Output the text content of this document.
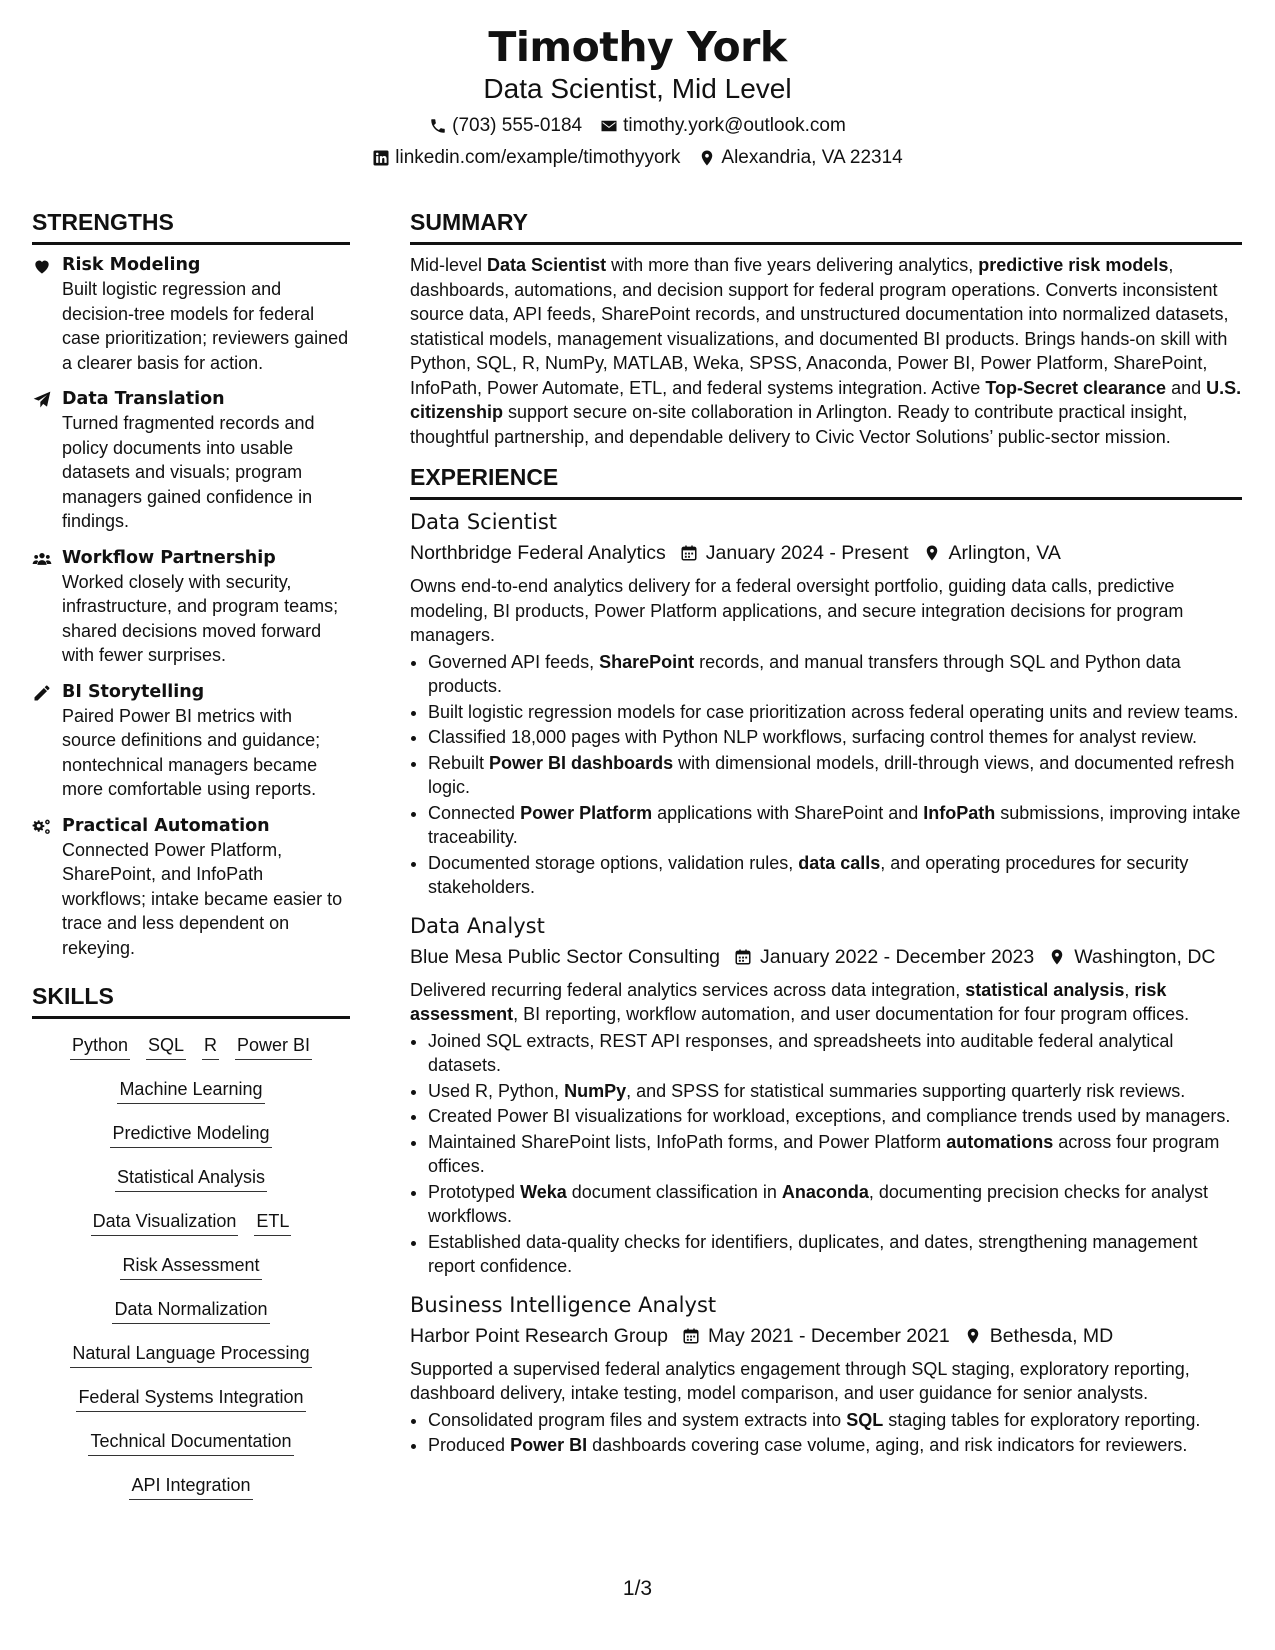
Timothy York
Data Scientist, Mid Level
(703) 555-0184 timothy.york@outlook.com
linkedin.com/example/timothyyork Alexandria, VA 22314
STRENGTHS
Risk Modeling
Built logistic regression and decision-tree models for federal case prioritization; reviewers gained a clearer basis for action.
Data Translation
Turned fragmented records and policy documents into usable datasets and visuals; program managers gained confidence in findings.
Workflow Partnership
Worked closely with security, infrastructure, and program teams; shared decisions moved forward with fewer surprises.
BI Storytelling
Paired Power BI metrics with source definitions and guidance; nontechnical managers became more comfortable using reports.
Practical Automation
Connected Power Platform, SharePoint, and InfoPath workflows; intake became easier to trace and less dependent on rekeying.
SKILLS
Python SQL R Power BI
Machine Learning
Predictive Modeling
Statistical Analysis
Data Visualization ETL
Risk Assessment
Data Normalization
Natural Language Processing
Federal Systems Integration
Technical Documentation
API Integration
SUMMARY
Mid-level Data Scientist with more than five years delivering analytics, predictive risk models, dashboards, automations, and decision support for federal program operations. Converts inconsistent source data, API feeds, SharePoint records, and unstructured documentation into normalized datasets, statistical models, management visualizations, and documented BI products. Brings hands-on skill with Python, SQL, R, NumPy, MATLAB, Weka, SPSS, Anaconda, Power BI, Power Platform, SharePoint, InfoPath, Power Automate, ETL, and federal systems integration. Active Top-Secret clearance and U.S. citizenship support secure on-site collaboration in Arlington. Ready to contribute practical insight, thoughtful partnership, and dependable delivery to Civic Vector Solutions’ public-sector mission.
EXPERIENCE
Data Scientist
Northbridge Federal Analytics January 2024 - Present Arlington, VA
Owns end-to-end analytics delivery for a federal oversight portfolio, guiding data calls, predictive modeling, BI products, Power Platform applications, and secure integration decisions for program managers.
• Governed API feeds, SharePoint records, and manual transfers through SQL and Python data products.
• Built logistic regression models for case prioritization across federal operating units and review teams.
• Classified 18,000 pages with Python NLP workflows, surfacing control themes for analyst review.
• Rebuilt Power BI dashboards with dimensional models, drill-through views, and documented refresh logic.
• Connected Power Platform applications with SharePoint and InfoPath submissions, improving intake traceability.
• Documented storage options, validation rules, data calls, and operating procedures for security stakeholders.
Data Analyst
Blue Mesa Public Sector Consulting January 2022 - December 2023 Washington, DC
Delivered recurring federal analytics services across data integration, statistical analysis, risk assessment, BI reporting, workflow automation, and user documentation for four program offices.
• Joined SQL extracts, REST API responses, and spreadsheets into auditable federal analytical datasets.
• Used R, Python, NumPy, and SPSS for statistical summaries supporting quarterly risk reviews.
• Created Power BI visualizations for workload, exceptions, and compliance trends used by managers.
• Maintained SharePoint lists, InfoPath forms, and Power Platform automations across four program offices.
• Prototyped Weka document classification in Anaconda, documenting precision checks for analyst workflows.
• Established data-quality checks for identifiers, duplicates, and dates, strengthening management report confidence.
Business Intelligence Analyst
Harbor Point Research Group May 2021 - December 2021 Bethesda, MD
Supported a supervised federal analytics engagement through SQL staging, exploratory reporting, dashboard delivery, intake testing, model comparison, and user guidance for senior analysts.
• Consolidated program files and system extracts into SQL staging tables for exploratory reporting.
• Produced Power BI dashboards covering case volume, aging, and risk indicators for reviewers.
1/3
